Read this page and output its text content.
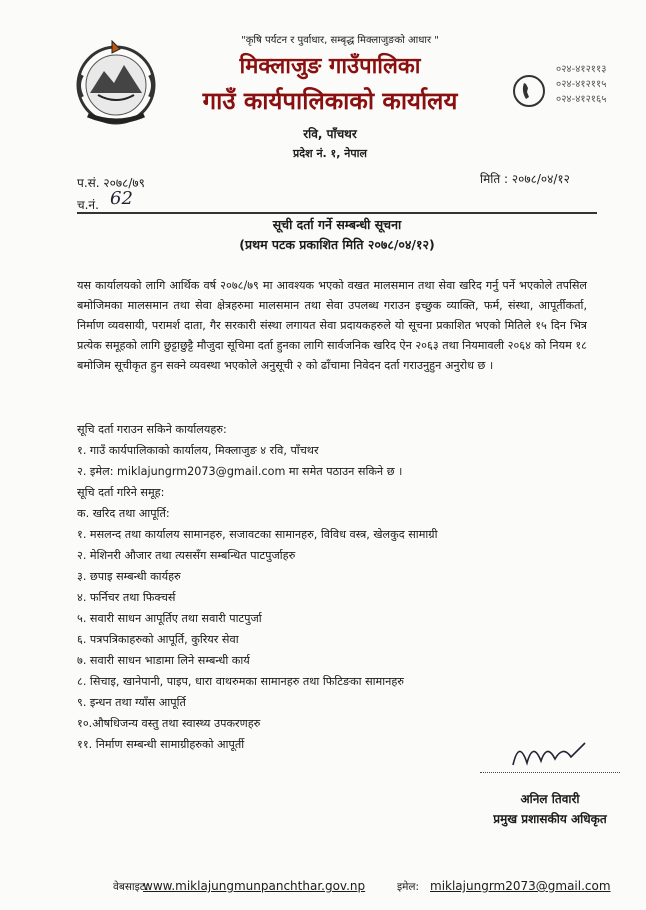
"कृषि पर्यटन र पुर्वाधार, सम्बृद्ध मिक्लाजुङको आधार "
मिक्लाजुङ गाउँपालिका
गाउँ कार्यपालिकाको कार्यालय
रवि, पाँचथर
प्रदेश नं. १, नेपाल
०२४-४१२११३
०२४-४१२११५
०२४-४१२१६५
प.सं. २०७८/७९
च.नं. 62
मिति : २०७८/०४/१२
सूची दर्ता गर्ने सम्बन्धी सूचना
(प्रथम पटक प्रकाशित मिति २०७८/०४/१२)
यस कार्यालयको लागि आर्थिक वर्ष २०७८/७९ मा आवश्यक भएको वखत मालसमान तथा सेवा खरिद गर्नु पर्ने भएकोले तपसिल बमोजिमका मालसमान तथा सेवा क्षेत्रहरुमा मालसमान तथा सेवा उपलब्ध गराउन इच्छुक व्याक्ति, फर्म, संस्था, आपूर्तीकर्ता, निर्माण व्यवसायी, परामर्श दाता, गैर सरकारी संस्था लगायत सेवा प्रदायकहरुले यो सूचना प्रकाशित भएको मितिले १५ दिन भित्र प्रत्येक समूहको लागि छुट्टाछुट्टै मौजुदा सूचिमा दर्ता हुनका लागि सार्वजनिक खरिद ऐन २०६३ तथा नियमावली २०६४ को नियम १८ बमोजिम सूचीकृत हुन सक्ने व्यवस्था भएकोले अनुसूची २ को ढाँचामा निवेदन दर्ता गराउनुहुन अनुरोध छ ।
सूचि दर्ता गराउन सकिने कार्यालयहरु:
१. गाउँ कार्यपालिकाको कार्यालय, मिक्लाजुङ ४ रवि, पाँचथर
२. इमेल: miklajungrm2073@gmail.com मा समेत पठाउन सकिने छ ।
सूचि दर्ता गरिने समूह:
क. खरिद तथा आपूर्ति:
१. मसलन्द तथा कार्यालय सामानहरु, सजावटका सामानहरु, विविध वस्त्र, खेलकुद सामाग्री
२. मेशिनरी औजार तथा त्यससँग सम्बन्धित पाटपुर्जाहरु
३. छपाइ सम्बन्धी कार्यहरु
४. फर्निचर तथा फिक्चर्स
५. सवारी साधन आपूर्तिए तथा सवारी पाटपुर्जा
६. पत्रपत्रिकाहरुको आपूर्ति, कुरियर सेवा
७. सवारी साधन भाडामा लिने सम्बन्धी कार्य
८. सिचाइ, खानेपानी, पाइप, धारा वाथरुमका सामानहरु तथा फिटिङका सामानहरु
९. इन्धन तथा ग्याँस आपूर्ति
१०.औषधिजन्य वस्तु तथा स्वास्थ्य उपकरणहरु
११. निर्माण सम्बन्धी सामाग्रीहरुको आपूर्ती
अनिल तिवारी
प्रमुख प्रशासकीय अधिकृत
वेबसाइट:
www.miklajungmunpanchthar.gov.np	इमेल: miklajungrm2073@gmail.com
